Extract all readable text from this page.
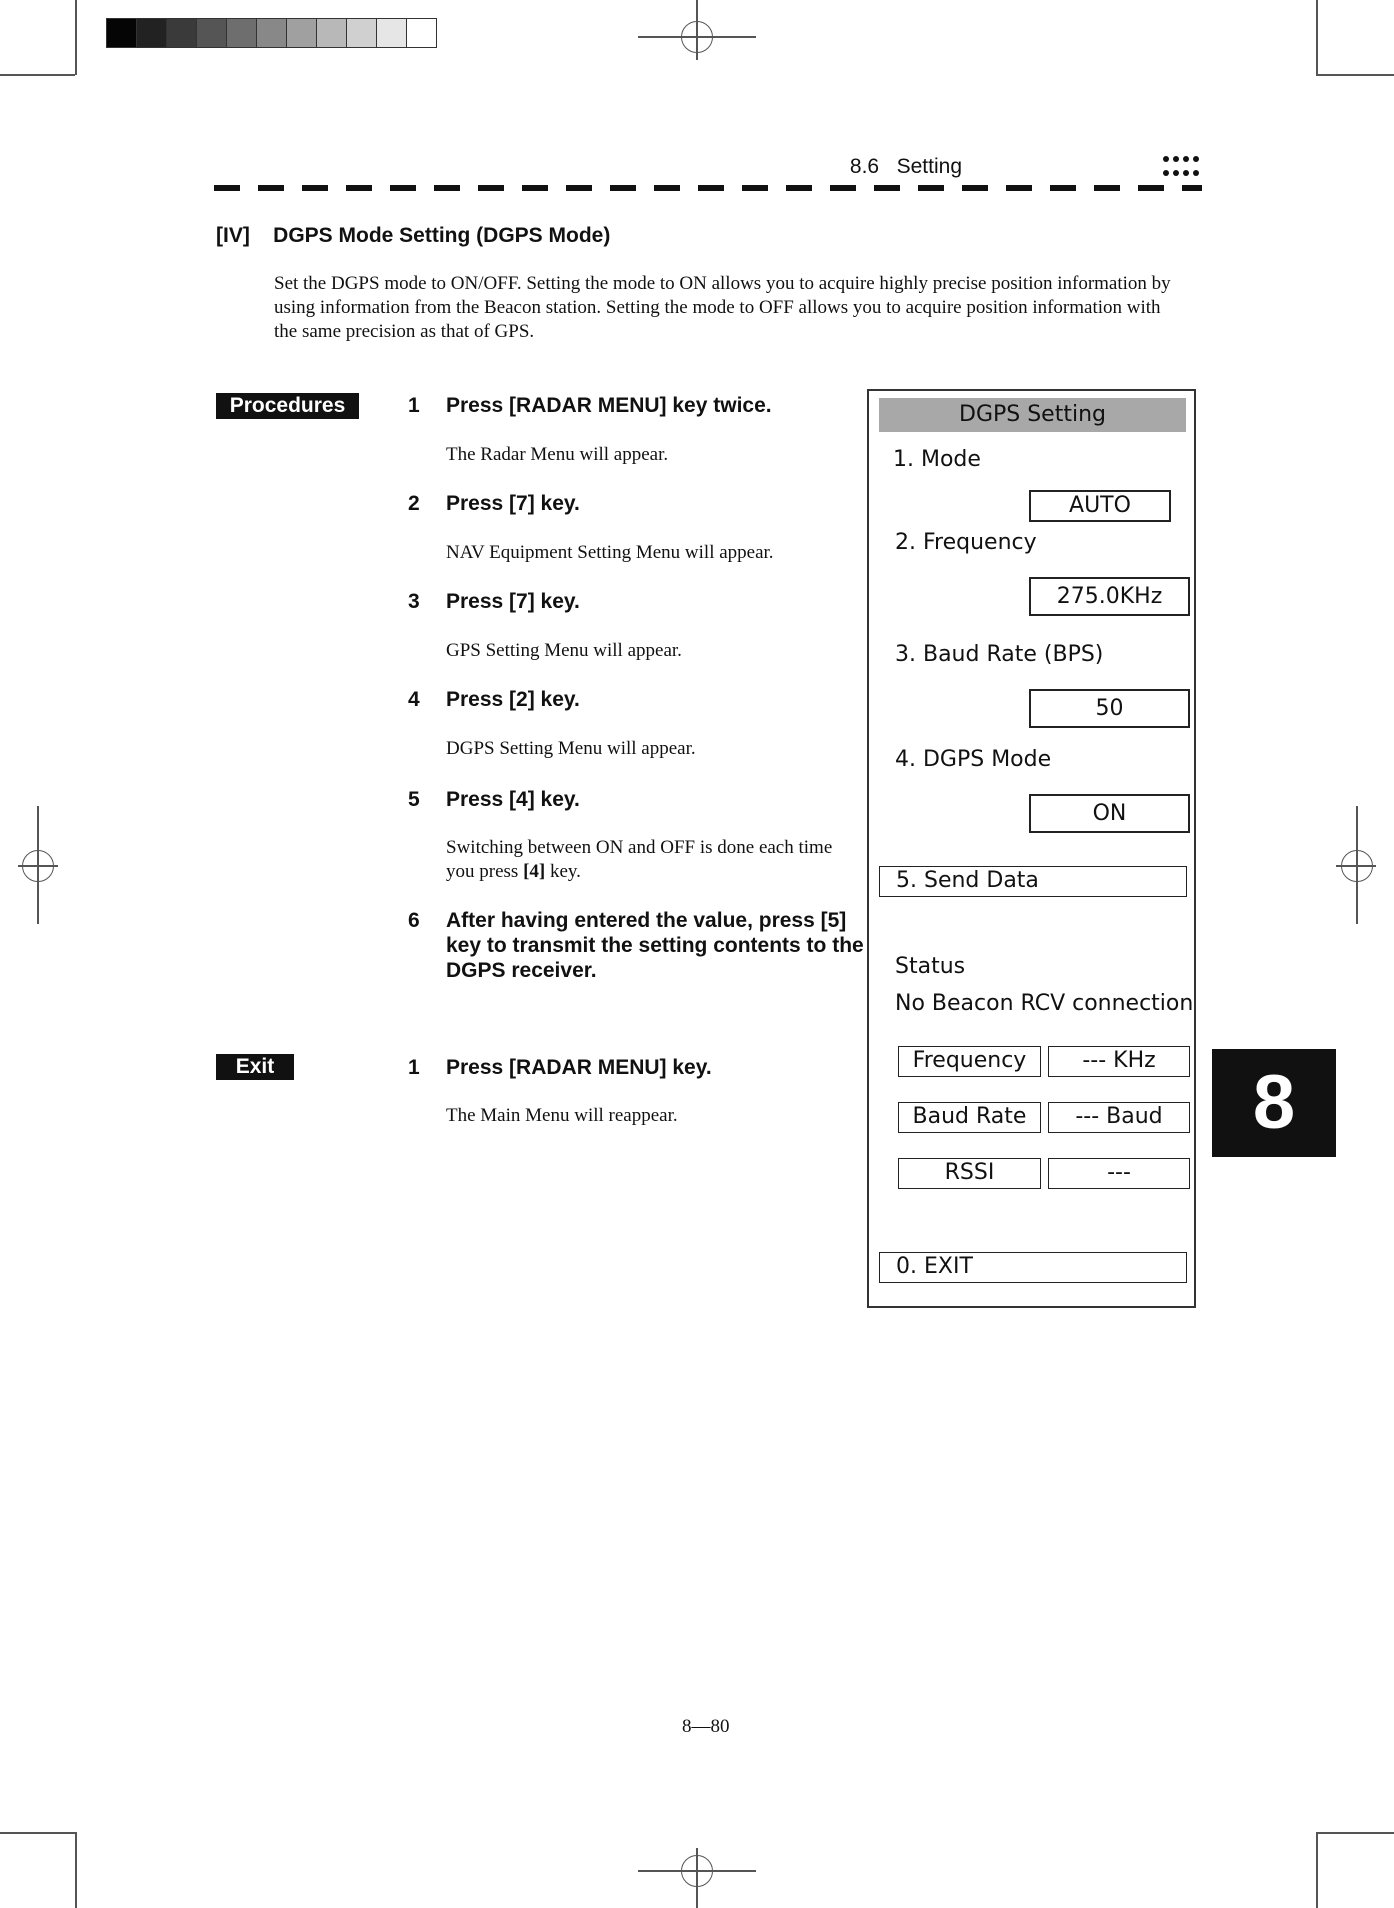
8.6   Setting
[IV]    DGPS Mode Setting (DGPS Mode)
Set the DGPS mode to ON/OFF. Setting the mode to ON allows you to acquire highly precise position information by using information from the Beacon station. Setting the mode to OFF allows you to acquire position information with the same precision as that of GPS.
Procedures	1 Press [RADAR MENU] key twice.
The Radar Menu will appear.
2 Press [7] key.
NAV Equipment Setting Menu will appear.
3 Press [7] key.
GPS Setting Menu will appear.
4 Press [2] key.
DGPS Setting Menu will appear.
5 Press [4] key.
Switching between ON and OFF is done each time you press [4] key.
6 After having entered the value, press [5] key to transmit the setting contents to the DGPS receiver.
Exit	1 Press [RADAR MENU] key.
The Main Menu will reappear.
DGPS Setting
1. Mode
AUTO
2. Frequency
275.0KHz
3. Baud Rate (BPS)
50
4. DGPS Mode
ON
5. Send Data
Status
No Beacon RCV connection
Frequency	--- KHz
Baud Rate	--- Baud
RSSI	---
0. EXIT
8
8—80
